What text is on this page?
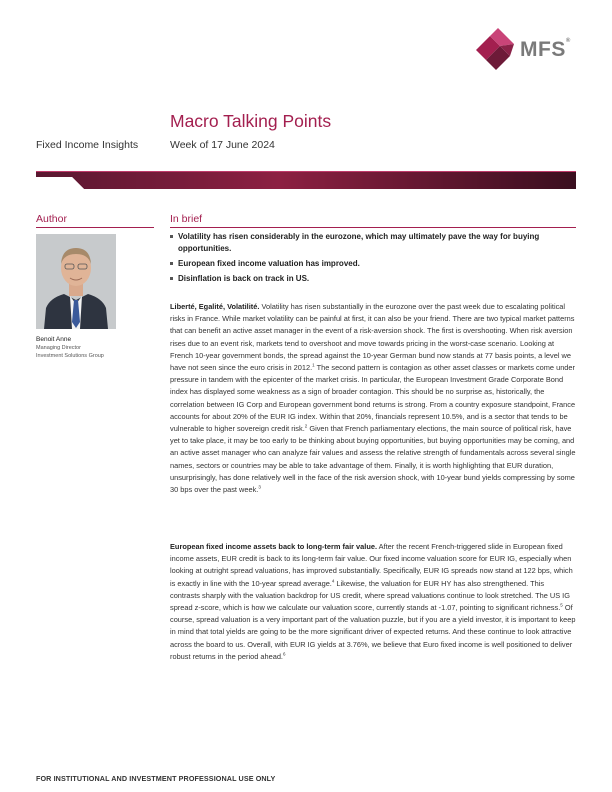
MFS®
Macro Talking Points
Fixed Income Insights	Week of 17 June 2024
Author
Benoit Anne
Managing Director
Investment Solutions Group
In brief
Volatility has risen considerably in the eurozone, which may ultimately pave the way for buying opportunities.
European fixed income valuation has improved.
Disinflation is back on track in US.

Liberté, Egalité, Volatilité. Volatility has risen substantially in the eurozone over the past week due to escalating political risks in France. While market volatility can be painful at first, it can also be your friend. There are two typical market patterns that can benefit an active asset manager in the event of a risk-aversion shock. The first is overshooting. When risk aversion rises due to an event risk, markets tend to overshoot and move towards pricing in the worst-case scenario. Looking at French 10-year government bonds, the spread against the 10-year German bund now stands at 77 basis points, a level we have not seen since the euro crisis in 2012.$^1$ The second pattern is contagion as other asset classes or markets come under pressure in tandem with the epicenter of the market crisis. In particular, the European Investment Grade Corporate Bond index has displayed some weakness as a sign of broader contagion. This should be no surprise as, historically, the correlation between IG Corp and European government bond returns is strong. From a country exposure standpoint, France accounts for about 20% of the EUR IG index. Within that 20%, financials represent 10.5%, and is a sector that tends to be vulnerable to higher sovereign credit risk.$^2$ Given that French parliamentary elections, the main source of political risk, have yet to take place, it may be too early to be thinking about buying opportunities, but buying opportunities may be coming, and an active asset manager who can analyze fair values and assess the relative strength of fundamentals across several single names, sectors or countries may be able to take advantage of them. Finally, it is worth highlighting that EUR duration, unsurprisingly, has done relatively well in the face of the risk aversion shock, with 10-year bund yields compressing by some 30 bps over the past week.$^3$

European fixed income assets back to long-term fair value. After the recent French-triggered slide in European fixed income assets, EUR credit is back to its long-term fair value. Our fixed income valuation score for EUR IG, especially when looking at outright spread valuations, has improved substantially. Specifically, EUR IG spreads now stand at 122 bps, which is exactly in line with the 10-year spread average.$^4$ Likewise, the valuation for EUR HY has also strengthened. This contrasts sharply with the valuation backdrop for US credit, where spread valuations continue to look stretched. The US IG spread z-score, which is how we calculate our valuation score, currently stands at -1.07, pointing to significant richness.$^5$ Of course, spread valuation is a very important part of the valuation puzzle, but if you are a yield investor, it is important to keep in mind that total yields are going to be the more significant driver of expected returns. And these continue to look attractive across the board to us. Overall, with EUR IG yields at 3.76%, we believe that Euro fixed income is well positioned to deliver robust returns in the period ahead.$^6$

FOR INSTITUTIONAL AND INVESTMENT PROFESSIONAL USE ONLY
